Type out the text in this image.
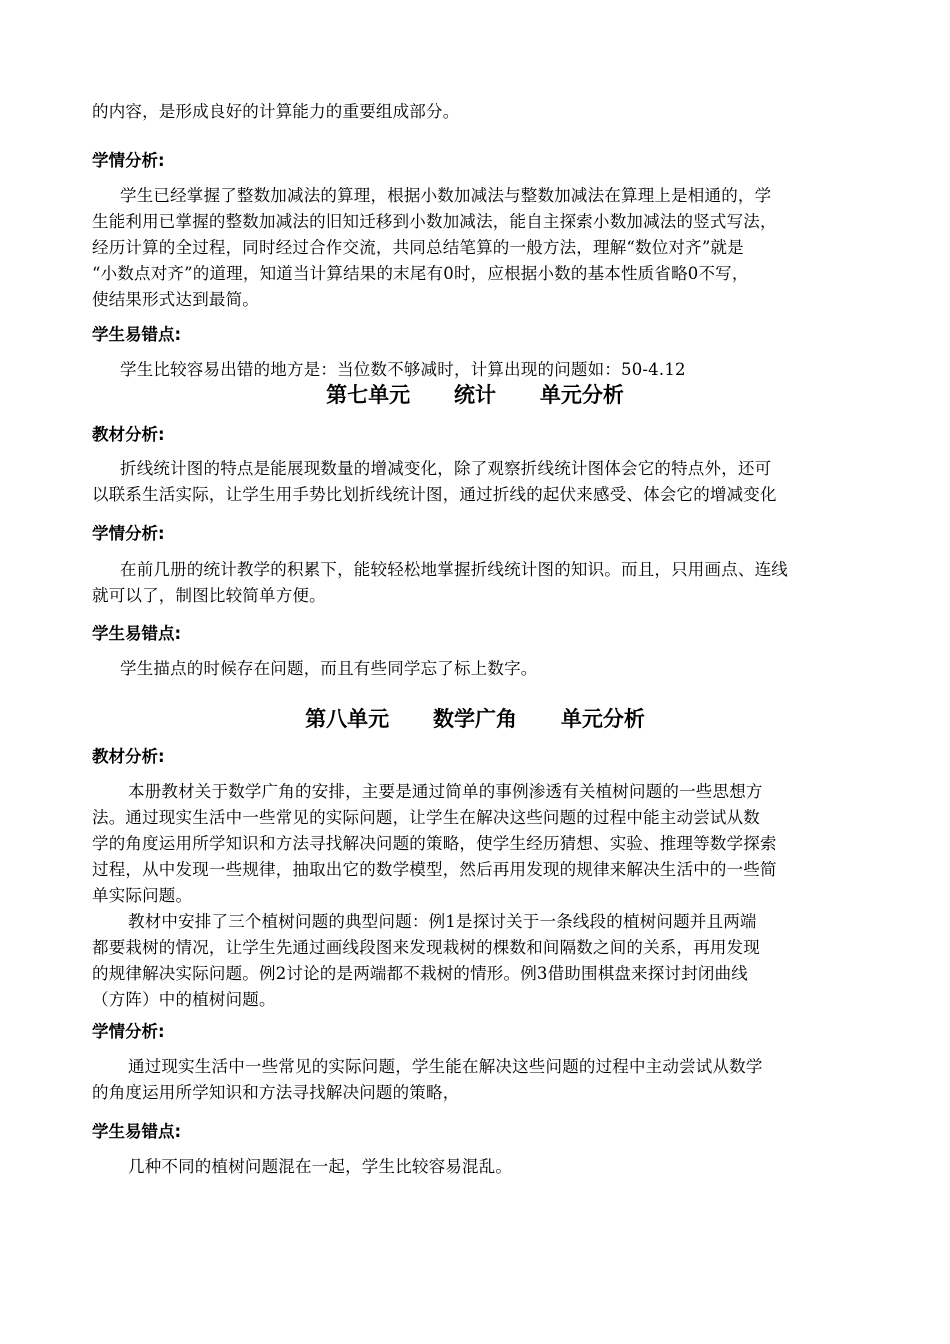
的内容，是形成良好的计算能力的重要组成部分。
学情分析:
学生已经掌握了整数加减法的算理，根据小数加减法与整数加减法在算理上是相通的，学
生能利用已掌握的整数加减法的旧知迁移到小数加减法，能自主探索小数加减法的竖式写法，
经历计算的全过程，同时经过合作交流，共同总结笔算的一般方法，理解“数位对齐”就是
“小数点对齐”的道理，知道当计算结果的末尾有0时，应根据小数的基本性质省略0不写，
使结果形式达到最简。
学生易错点:
学生比较容易出错的地方是：当位数不够减时，计算出现的问题如：50-4.12
第七单元      统计      单元分析
教材分析:
折线统计图的特点是能展现数量的增减变化，除了观察折线统计图体会它的特点外，还可
以联系生活实际，让学生用手势比划折线统计图，通过折线的起伏来感受、体会它的增减变化
学情分析:
在前几册的统计教学的积累下，能较轻松地掌握折线统计图的知识。而且，只用画点、连线
就可以了，制图比较简单方便。
学生易错点:
学生描点的时候存在问题，而且有些同学忘了标上数字。
第八单元      数学广角      单元分析
教材分析:
本册教材关于数学广角的安排，主要是通过简单的事例渗透有关植树问题的一些思想方
法。通过现实生活中一些常见的实际问题，让学生在解决这些问题的过程中能主动尝试从数
学的角度运用所学知识和方法寻找解决问题的策略，使学生经历猜想、实验、推理等数学探索
过程，从中发现一些规律，抽取出它的数学模型，然后再用发现的规律来解决生活中的一些简
单实际问题。
教材中安排了三个植树问题的典型问题：例1是探讨关于一条线段的植树问题并且两端
都要栽树的情况，让学生先通过画线段图来发现栽树的棵数和间隔数之间的关系，再用发现
的规律解决实际问题。例2讨论的是两端都不栽树的情形。例3借助围棋盘来探讨封闭曲线
（方阵）中的植树问题。
学情分析:
通过现实生活中一些常见的实际问题，学生能在解决这些问题的过程中主动尝试从数学
的角度运用所学知识和方法寻找解决问题的策略，
学生易错点:
几种不同的植树问题混在一起，学生比较容易混乱。
